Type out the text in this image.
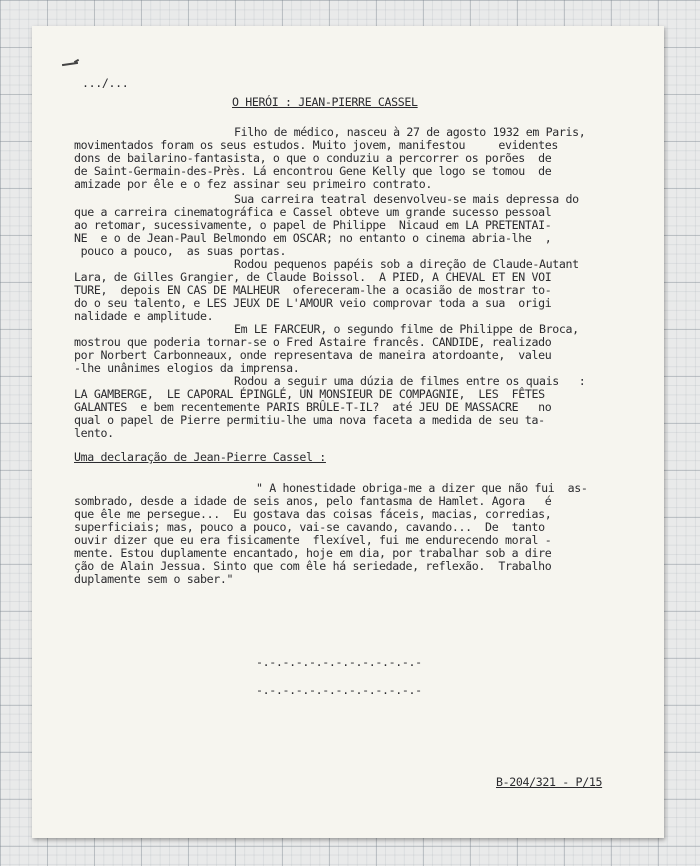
.../...
O HERÓI : JEAN-PIERRE CASSEL
Filho de médico, nasceu à 27 de agosto 1932 em Paris,
movimentados foram os seus estudos. Muito jovem, manifestou     evidentes
dons de bailarino-fantasista, o que o conduziu a percorrer os porões  de
de Saint-Germain-des-Près. Lá encontrou Gene Kelly que logo se tomou  de
amizade por êle e o fez assinar seu primeiro contrato.
Sua carreira teatral desenvolveu-se mais depressa do
que a carreira cinematográfica e Cassel obteve um grande sucesso pessoal
ao retomar, sucessivamente, o papel de Philippe  Nicaud em LA PRETENTAI-
NE  e o de Jean-Paul Belmondo em OSCAR; no entanto o cinema abria-lhe  ,
pouco a pouco,  as suas portas.
Rodou pequenos papéis sob a direção de Claude-Autant
Lara, de Gilles Grangier, de Claude Boissol.  A PIED, A CHEVAL ET EN VOI
TURE,  depois EN CAS DE MALHEUR  ofereceram-lhe a ocasião de mostrar to-
do o seu talento, e LES JEUX DE L'AMOUR veio comprovar toda a sua  origi
nalidade e amplitude.
Em LE FARCEUR, o segundo filme de Philippe de Broca,
mostrou que poderia tornar-se o Fred Astaire francês. CANDIDE, realizado
por Norbert Carbonneaux, onde representava de maneira atordoante,  valeu
-lhe unânimes elogios da imprensa.
Rodou a seguir uma dúzia de filmes entre os quais   :
LA GAMBERGE,  LE CAPORAL ÉPINGLÉ, UN MONSIEUR DE COMPAGNIE,  LES  FÊTES
GALANTES  e bem recentemente PARIS BRÛLE-T-IL?  até JEU DE MASSACRE   no
qual o papel de Pierre permitiu-lhe uma nova faceta a medida de seu ta-
lento.
Uma declaração de Jean-Pierre Cassel :
" A honestidade obriga-me a dizer que não fui  as-
sombrado, desde a idade de seis anos, pelo fantasma de Hamlet. Agora   é
que êle me persegue...  Eu gostava das coisas fáceis, macias, corredias,
superficiais; mas, pouco a pouco, vai-se cavando, cavando...  De  tanto
ouvir dizer que eu era fisicamente  flexível, fui me endurecendo moral -
mente. Estou duplamente encantado, hoje em dia, por trabalhar sob a dire
ção de Alain Jessua. Sinto que com êle há seriedade, reflexão.  Trabalho
duplamente sem o saber."
-.-.-.-.-.-.-.-.-.-.-.-.-
-.-.-.-.-.-.-.-.-.-.-.-.-
B-204/321 - P/15
